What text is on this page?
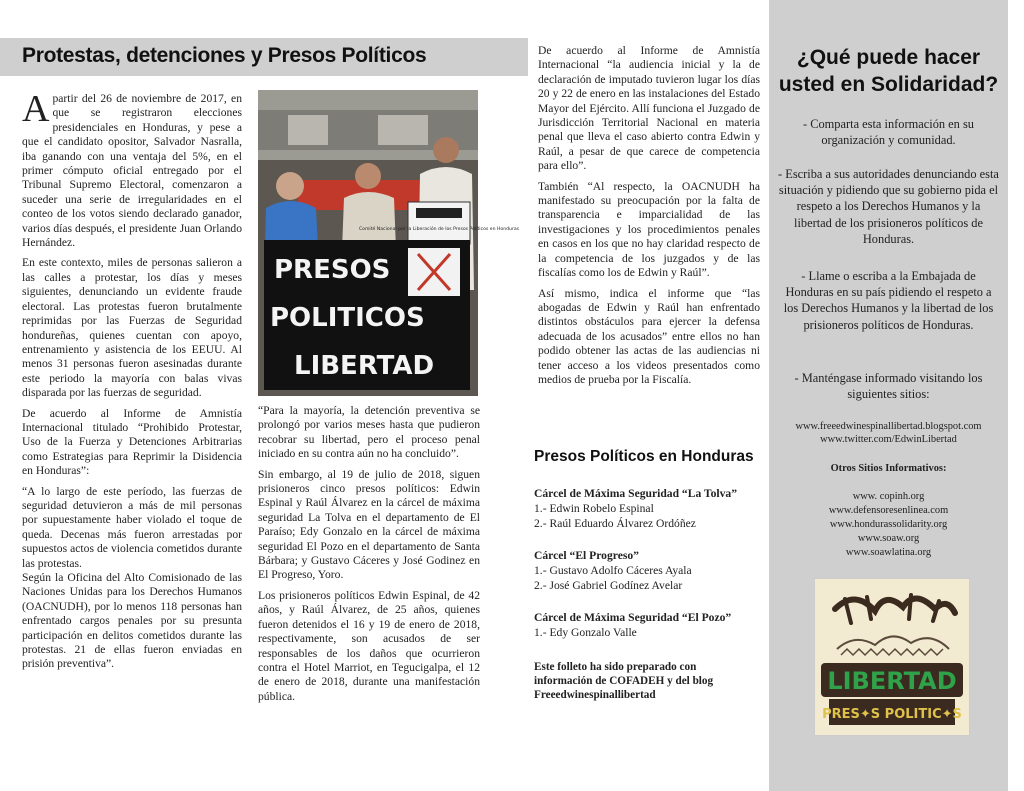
Protestas, detenciones y Presos Políticos

Apartir del 26 de noviembre de 2017, en que se registraron elecciones presidenciales en Honduras, y pese a que el candidato opositor, Salvador Nasralla, iba ganando con una ventaja del 5%, en el primer cómputo oficial entregado por el Tribunal Supremo Electoral, comenzaron a suceder una serie de irregularidades en el conteo de los votos siendo declarado ganador, varios días después, el presidente Juan Orlando Hernández.

En este contexto, miles de personas salieron a las calles a protestar, los días y meses siguientes, denunciando un evidente fraude electoral. Las protestas fueron brutalmente reprimidas por las Fuerzas de Seguridad hondureñas, quienes cuentan con apoyo, entrenamiento y asistencia de los EEUU. Al menos 31 personas fueron asesinadas durante este periodo la mayoría con balas vivas disparada por las fuerzas de seguridad.

De acuerdo al Informe de Amnistía Internacional titulado “Prohibido Protestar, Uso de la Fuerza y Detenciones Arbitrarias como Estrategias para Reprimir la Disidencia en Honduras”:

“A lo largo de este período, las fuerzas de seguridad detuvieron a más de mil personas por supuestamente haber violado el toque de queda. Decenas más fueron arrestadas por supuestos actos de violencia cometidos durante las protestas.

Según la Oficina del Alto Comisionado de las Naciones Unidas para los Derechos Humanos (OACNUDH), por lo menos 118 personas han enfrentado cargos penales por su presunta participación en delitos cometidos durante las protestas. 21 de ellas fueron enviadas en prisión preventiva”.

Comité Nacional por la Liberación de los Presos Políticos en Honduras
PRESOS
POLITICOS
LIBERTAD

“Para la mayoría, la detención preventiva se prolongó por varios meses hasta que pudieron recobrar su libertad, pero el proceso penal iniciado en su contra aún no ha concluido”.

Sin embargo, al 19 de julio de 2018, siguen prisioneros cinco presos políticos: Edwin Espinal y Raúl Álvarez en la cárcel de máxima seguridad La Tolva en el departamento de El Paraíso; Edy Gonzalo en la cárcel de máxima seguridad El Pozo en el departamento de Santa Bárbara; y Gustavo Cáceres y José Godinez en El Progreso, Yoro.

Los prisioneros políticos Edwin Espinal, de 42 años, y Raúl Álvarez, de 25 años, quienes fueron detenidos el 16 y 19 de enero de 2018, respectivamente, son acusados de ser responsables de los daños que ocurrieron contra el Hotel Marriot, en Tegucigalpa, el 12 de enero de 2018, durante una manifestación pública.

De acuerdo al Informe de Amnistía Internacional “la audiencia inicial y la de declaración de imputado tuvieron lugar los días 20 y 22 de enero en las instalaciones del Estado Mayor del Ejército. Allí funciona el Juzgado de Jurisdicción Territorial Nacional en materia penal que lleva el caso abierto contra Edwin y Raúl, a pesar de que carece de competencia para ello”.

También “Al respecto, la OACNUDH ha manifestado su preocupación por la falta de transparencia e imparcialidad de las investigaciones y los procedimientos penales en casos en los que no hay claridad respecto de la competencia de los juzgados y de las fiscalías como los de Edwin y Raúl”.

Así mismo, indica el informe que “las abogadas de Edwin y Raúl han enfrentado distintos obstáculos para ejercer la defensa adecuada de los acusados” entre ellos no han podido obtener las actas de las audiencias ni tener acceso a los videos presentados como medios de prueba por la Fiscalía.

Presos Políticos en Honduras
Cárcel de Máxima Seguridad “La Tolva”
1.- Edwin Robelo Espinal
2.- Raúl Eduardo Álvarez Ordóñez
Cárcel “El Progreso”
1.- Gustavo Adolfo Cáceres Ayala
2.- José Gabriel Godínez Avelar
Cárcel de Máxima Seguridad “El Pozo”
1.- Edy Gonzalo Valle
Este folleto ha sido preparado con información de COFADEH y del blog Freeedwinespinallibertad
¿Qué puede hacer usted en Solidaridad?
- Comparta esta información en su organización y comunidad.
- Escriba a sus autoridades denunciando esta situación y pidiendo que su gobierno pida el respeto a los Derechos Humanos y la libertad de los prisioneros políticos de Honduras.
- Llame o escriba a la Embajada de Honduras en su país pidiendo el respeto a los Derechos Humanos y la libertad de los prisioneros políticos de Honduras.
- Manténgase informado visitando los siguientes sitios:
www.freeedwinespinallibertad.blogspot.com
www.twitter.com/EdwinLibertad
Otros Sitios Informativos:
www. copinh.org
www.defensoresenlinea.com
www.hondurassolidarity.org
www.soaw.org
www.soawlatina.org
LIBERTAD
PRES✦S POLITIC✦S
